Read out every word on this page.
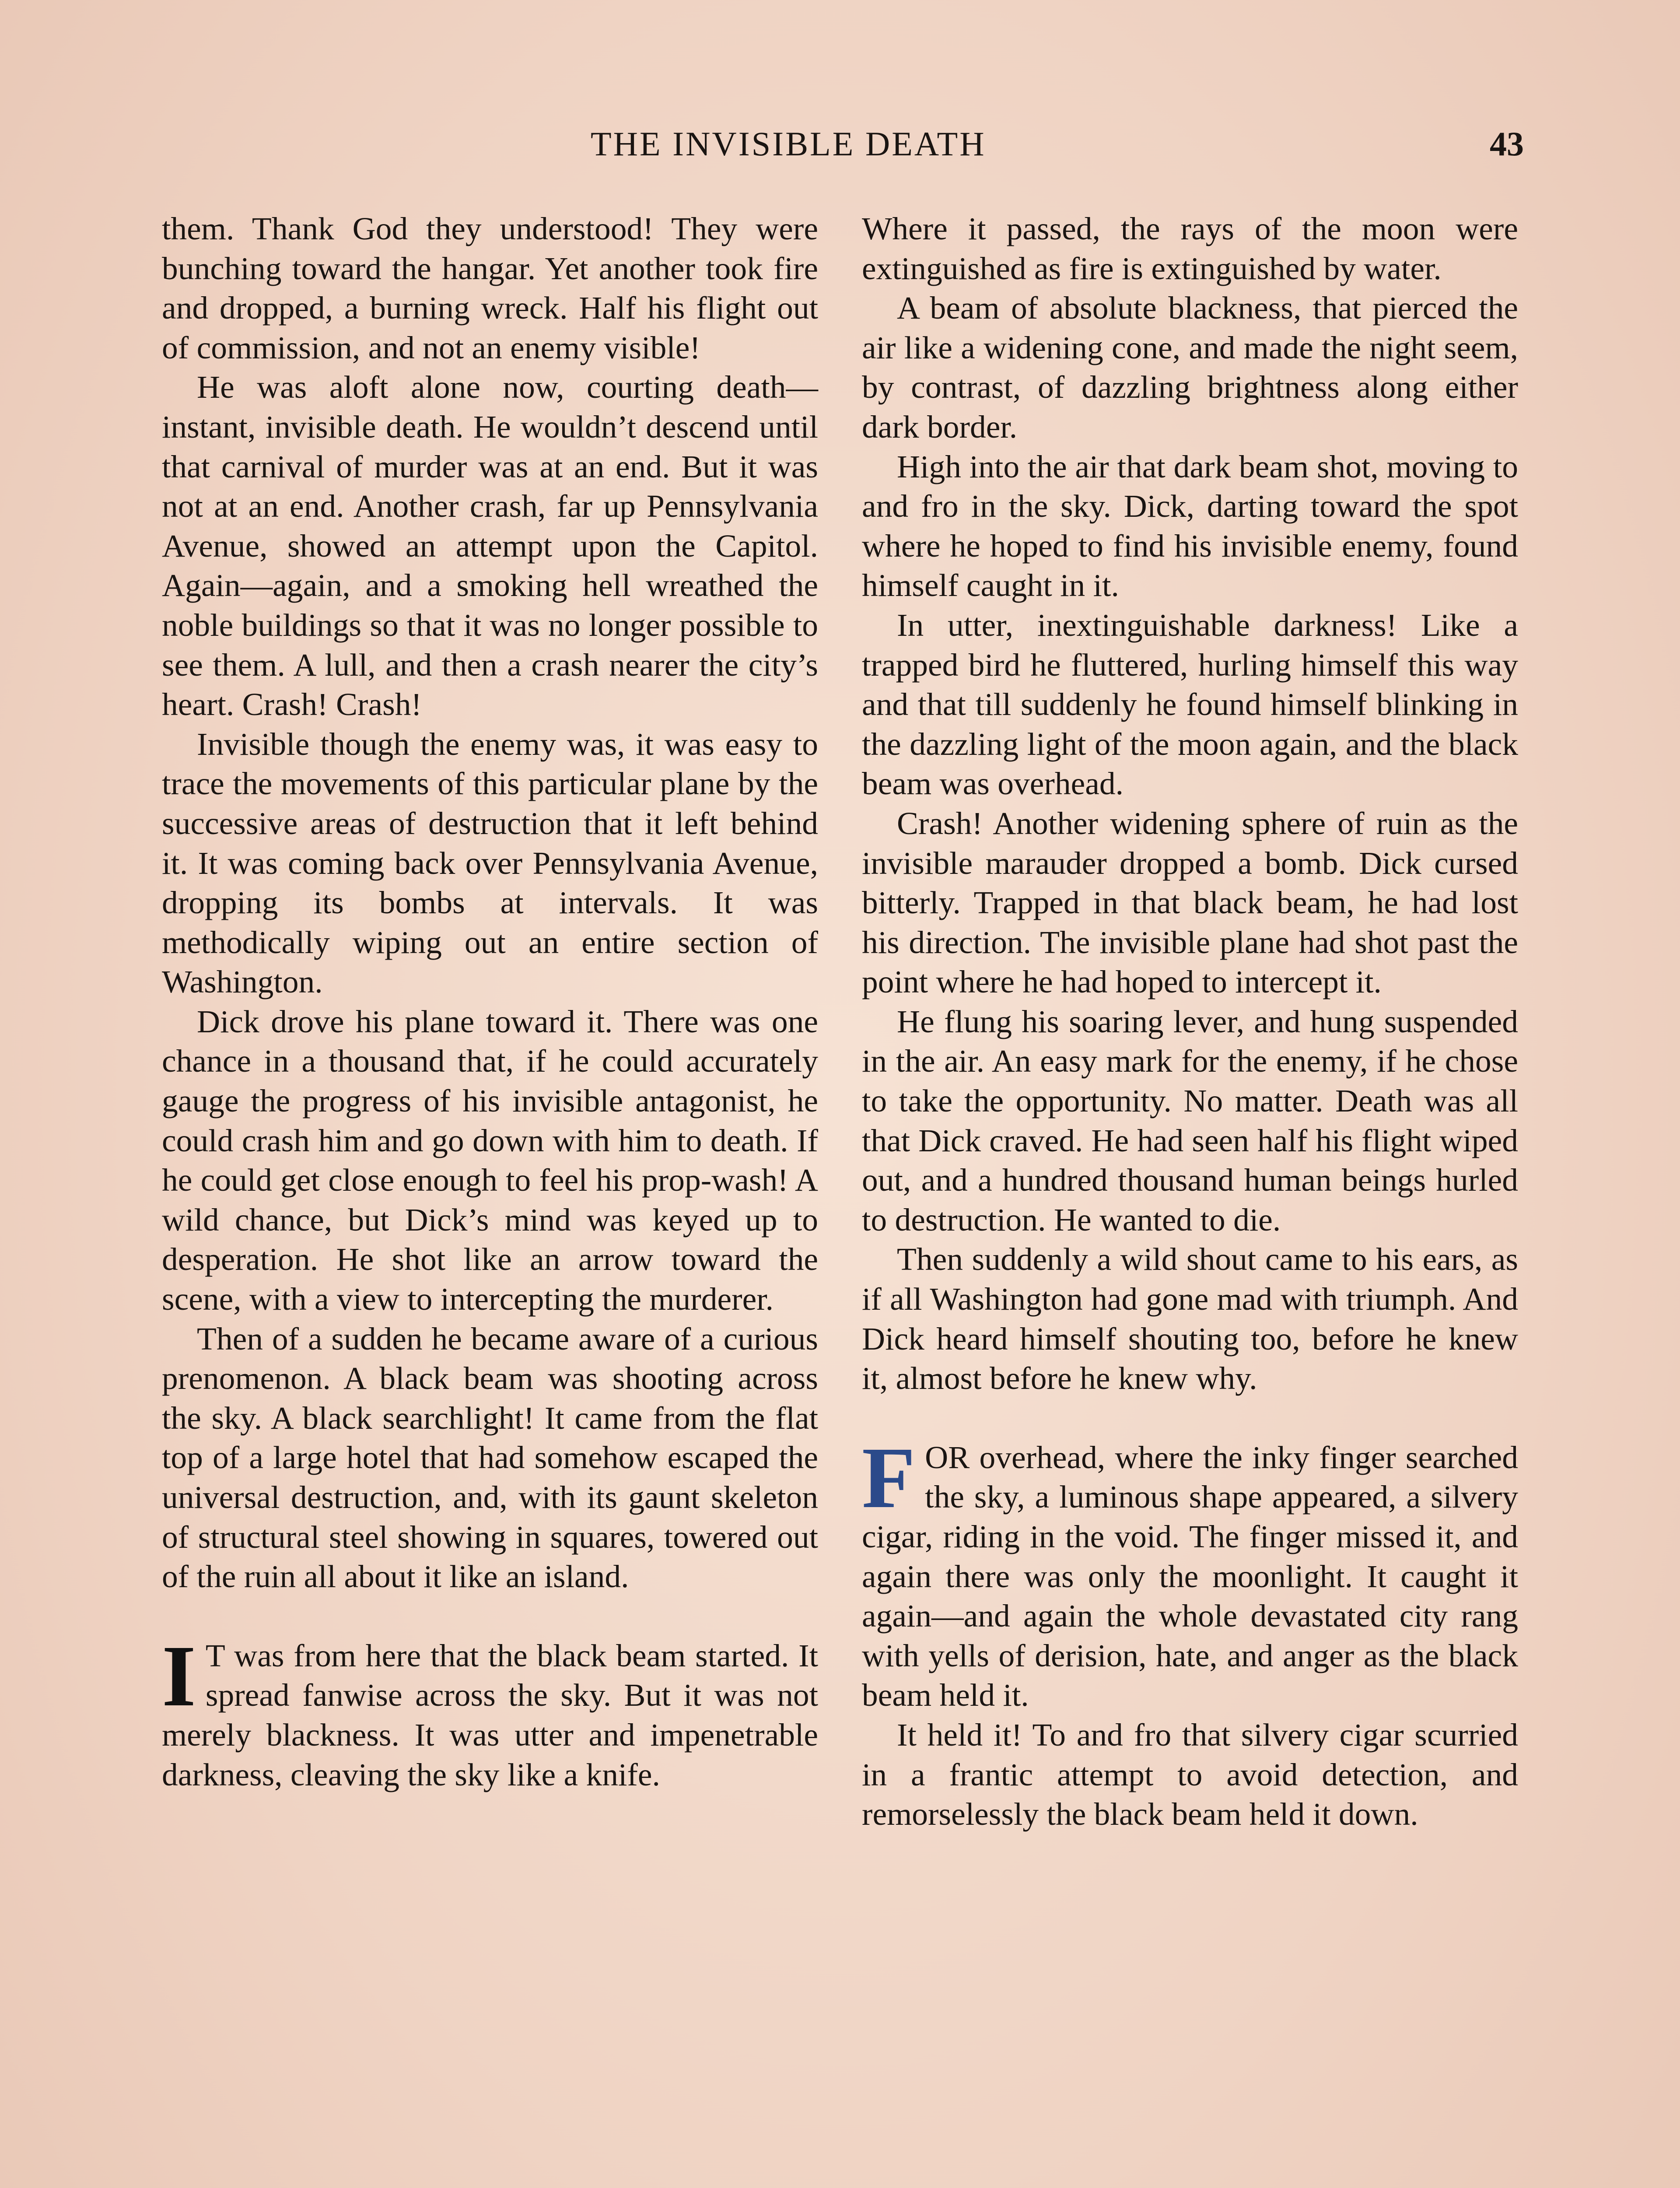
THE INVISIBLE DEATH	43

them. Thank God they understood! They were bunching toward the hangar. Yet another took fire and dropped, a burning wreck. Half his flight out of commission, and not an enemy visible!

He was aloft alone now, courting death—instant, invisible death. He wouldn’t descend until that carnival of murder was at an end. But it was not at an end. Another crash, far up Pennsylvania Avenue, showed an attempt upon the Capitol. Again—again, and a smoking hell wreathed the noble buildings so that it was no longer possible to see them. A lull, and then a crash nearer the city’s heart. Crash! Crash!

Invisible though the enemy was, it was easy to trace the movements of this particular plane by the successive areas of destruction that it left behind it. It was coming back over Pennsylvania Avenue, dropping its bombs at intervals. It was methodically wiping out an entire section of Washington.

Dick drove his plane toward it. There was one chance in a thousand that, if he could accurately gauge the progress of his invisible antagonist, he could crash him and go down with him to death. If he could get close enough to feel his prop-wash! A wild chance, but Dick’s mind was keyed up to desperation. He shot like an arrow toward the scene, with a view to intercepting the murderer.

Then of a sudden he became aware of a curious prenomenon. A black beam was shooting across the sky. A black searchlight! It came from the flat top of a large hotel that had somehow escaped the universal destruction, and, with its gaunt skeleton of structural steel showing in squares, towered out of the ruin all about it like an island.

I T was from here that the black beam started. It spread fanwise across the sky. But it was not merely blackness. It was utter and impenetrable darkness, cleaving the sky like a knife.

Where it passed, the rays of the moon were extinguished as fire is extinguished by water.

A beam of absolute blackness, that pierced the air like a widening cone, and made the night seem, by contrast, of dazzling brightness along either dark border.

High into the air that dark beam shot, moving to and fro in the sky. Dick, darting toward the spot where he hoped to find his invisible enemy, found himself caught in it.

In utter, inextinguishable darkness! Like a trapped bird he fluttered, hurling himself this way and that till suddenly he found himself blinking in the dazzling light of the moon again, and the black beam was overhead.

Crash! Another widening sphere of ruin as the invisible marauder dropped a bomb. Dick cursed bitterly. Trapped in that black beam, he had lost his direction. The invisible plane had shot past the point where he had hoped to intercept it.

He flung his soaring lever, and hung suspended in the air. An easy mark for the enemy, if he chose to take the opportunity. No matter. Death was all that Dick craved. He had seen half his flight wiped out, and a hundred thousand human beings hurled to destruction. He wanted to die.

Then suddenly a wild shout came to his ears, as if all Washington had gone mad with triumph. And Dick heard himself shouting too, before he knew it, almost before he knew why.

FOR overhead, where the inky finger searched the sky, a luminous shape appeared, a silvery cigar, riding in the void. The finger missed it, and again there was only the moonlight. It caught it again—and again the whole devastated city rang with yells of derision, hate, and anger as the black beam held it.

It held it! To and fro that silvery cigar scurried in a frantic attempt to avoid detection, and remorselessly the black beam held it down.
